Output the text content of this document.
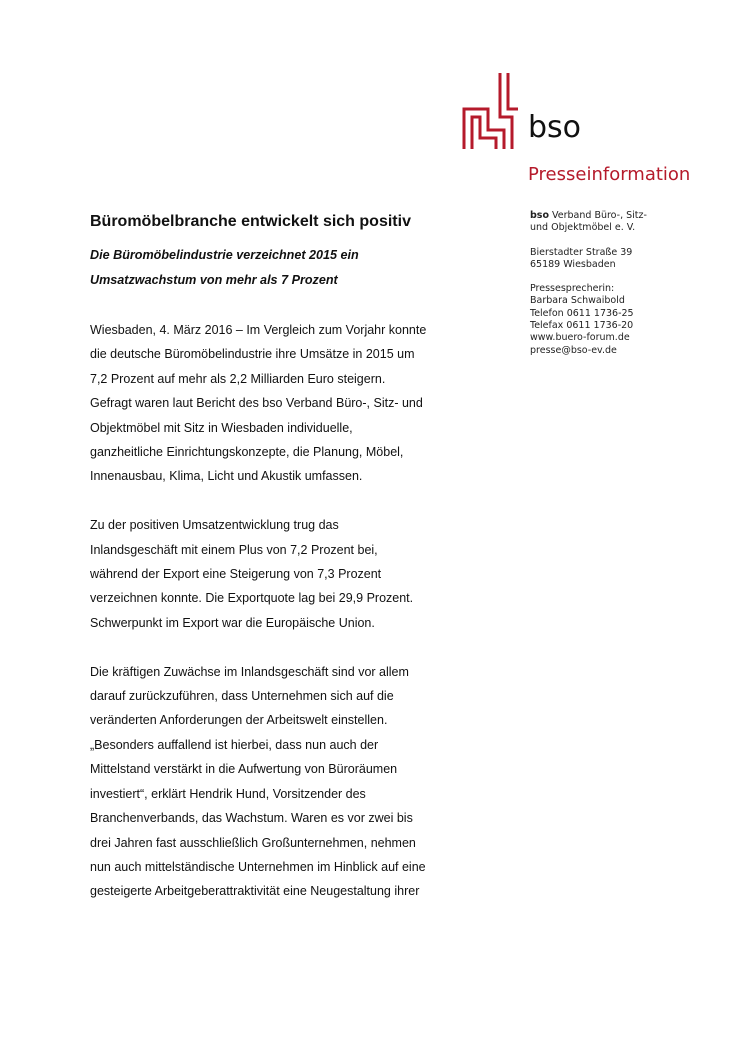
bso
Presseinformation
bso Verband Büro-, Sitz-
und Objektmöbel e. V.
Bierstadter Straße 39
65189 Wiesbaden
Pressesprecherin:
Barbara Schwaibold
Telefon 0611 1736-25
Telefax 0611 1736-20
www.buero-forum.de
presse@bso-ev.de
Büromöbelbranche entwickelt sich positiv
Die Büromöbelindustrie verzeichnet 2015 ein
Umsatzwachstum von mehr als 7 Prozent
Wiesbaden, 4. März 2016 – Im Vergleich zum Vorjahr konnte
die deutsche Büromöbelindustrie ihre Umsätze in 2015 um
7,2 Prozent auf mehr als 2,2 Milliarden Euro steigern.
Gefragt waren laut Bericht des bso Verband Büro-, Sitz- und
Objektmöbel mit Sitz in Wiesbaden individuelle,
ganzheitliche Einrichtungskonzepte, die Planung, Möbel,
Innenausbau, Klima, Licht und Akustik umfassen.
Zu der positiven Umsatzentwicklung trug das
Inlandsgeschäft mit einem Plus von 7,2 Prozent bei,
während der Export eine Steigerung von 7,3 Prozent
verzeichnen konnte. Die Exportquote lag bei 29,9 Prozent.
Schwerpunkt im Export war die Europäische Union.
Die kräftigen Zuwächse im Inlandsgeschäft sind vor allem
darauf zurückzuführen, dass Unternehmen sich auf die
veränderten Anforderungen der Arbeitswelt einstellen.
„Besonders auffallend ist hierbei, dass nun auch der
Mittelstand verstärkt in die Aufwertung von Büroräumen
investiert“, erklärt Hendrik Hund, Vorsitzender des
Branchenverbands, das Wachstum. Waren es vor zwei bis
drei Jahren fast ausschließlich Großunternehmen, nehmen
nun auch mittelständische Unternehmen im Hinblick auf eine
gesteigerte Arbeitgeberattraktivität eine Neugestaltung ihrer
